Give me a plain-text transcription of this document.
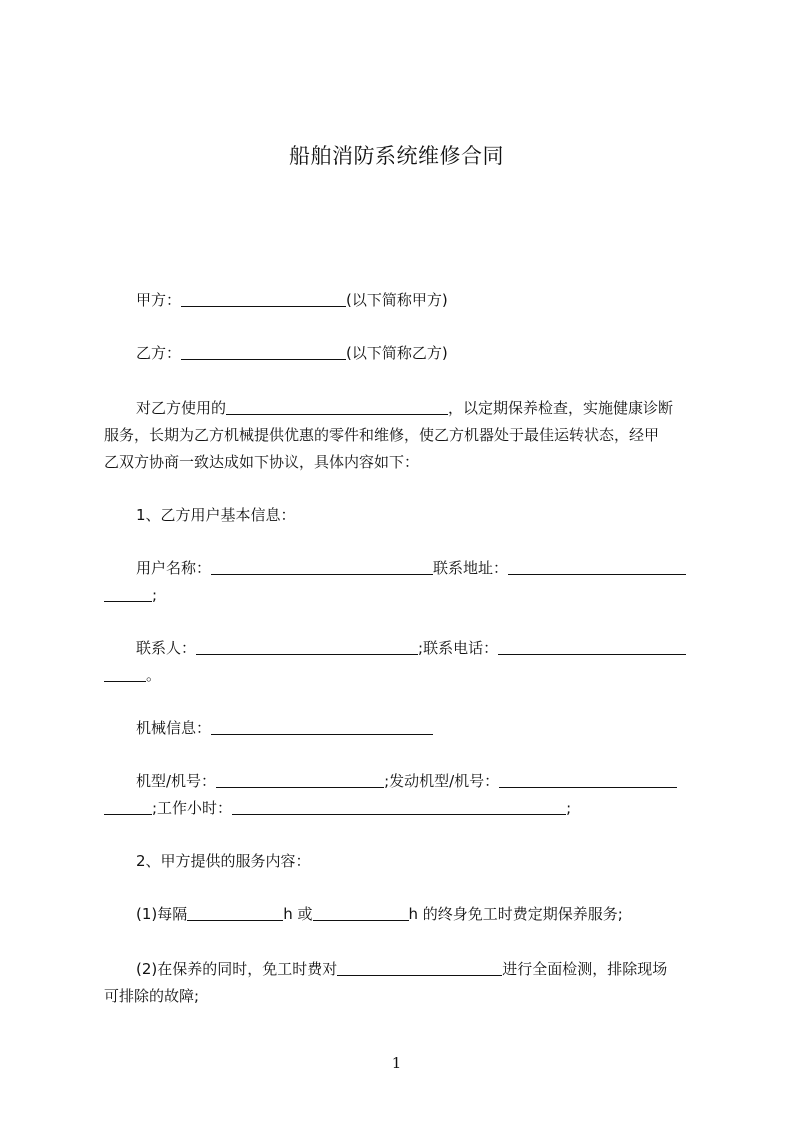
船舶消防系统维修合同
甲方：	(以下简称甲方)
乙方：	(以下简称乙方)
对乙方使用的	，以定期保养检查，实施健康诊断
服务，长期为乙方机械提供优惠的零件和维修，使乙方机器处于最佳运转状态，经甲
乙双方协商一致达成如下协议，具体内容如下：
1、乙方用户基本信息：
用户名称：	联系地址：
;
联系人：	;联系电话：
。
机械信息：
机型/机号：	;发动机型/机号：
;工作小时：	;
2、甲方提供的服务内容：
(1)每隔	h 或	h 的终身免工时费定期保养服务;
(2)在保养的同时，免工时费对	进行全面检测，排除现场
可排除的故障;
1
